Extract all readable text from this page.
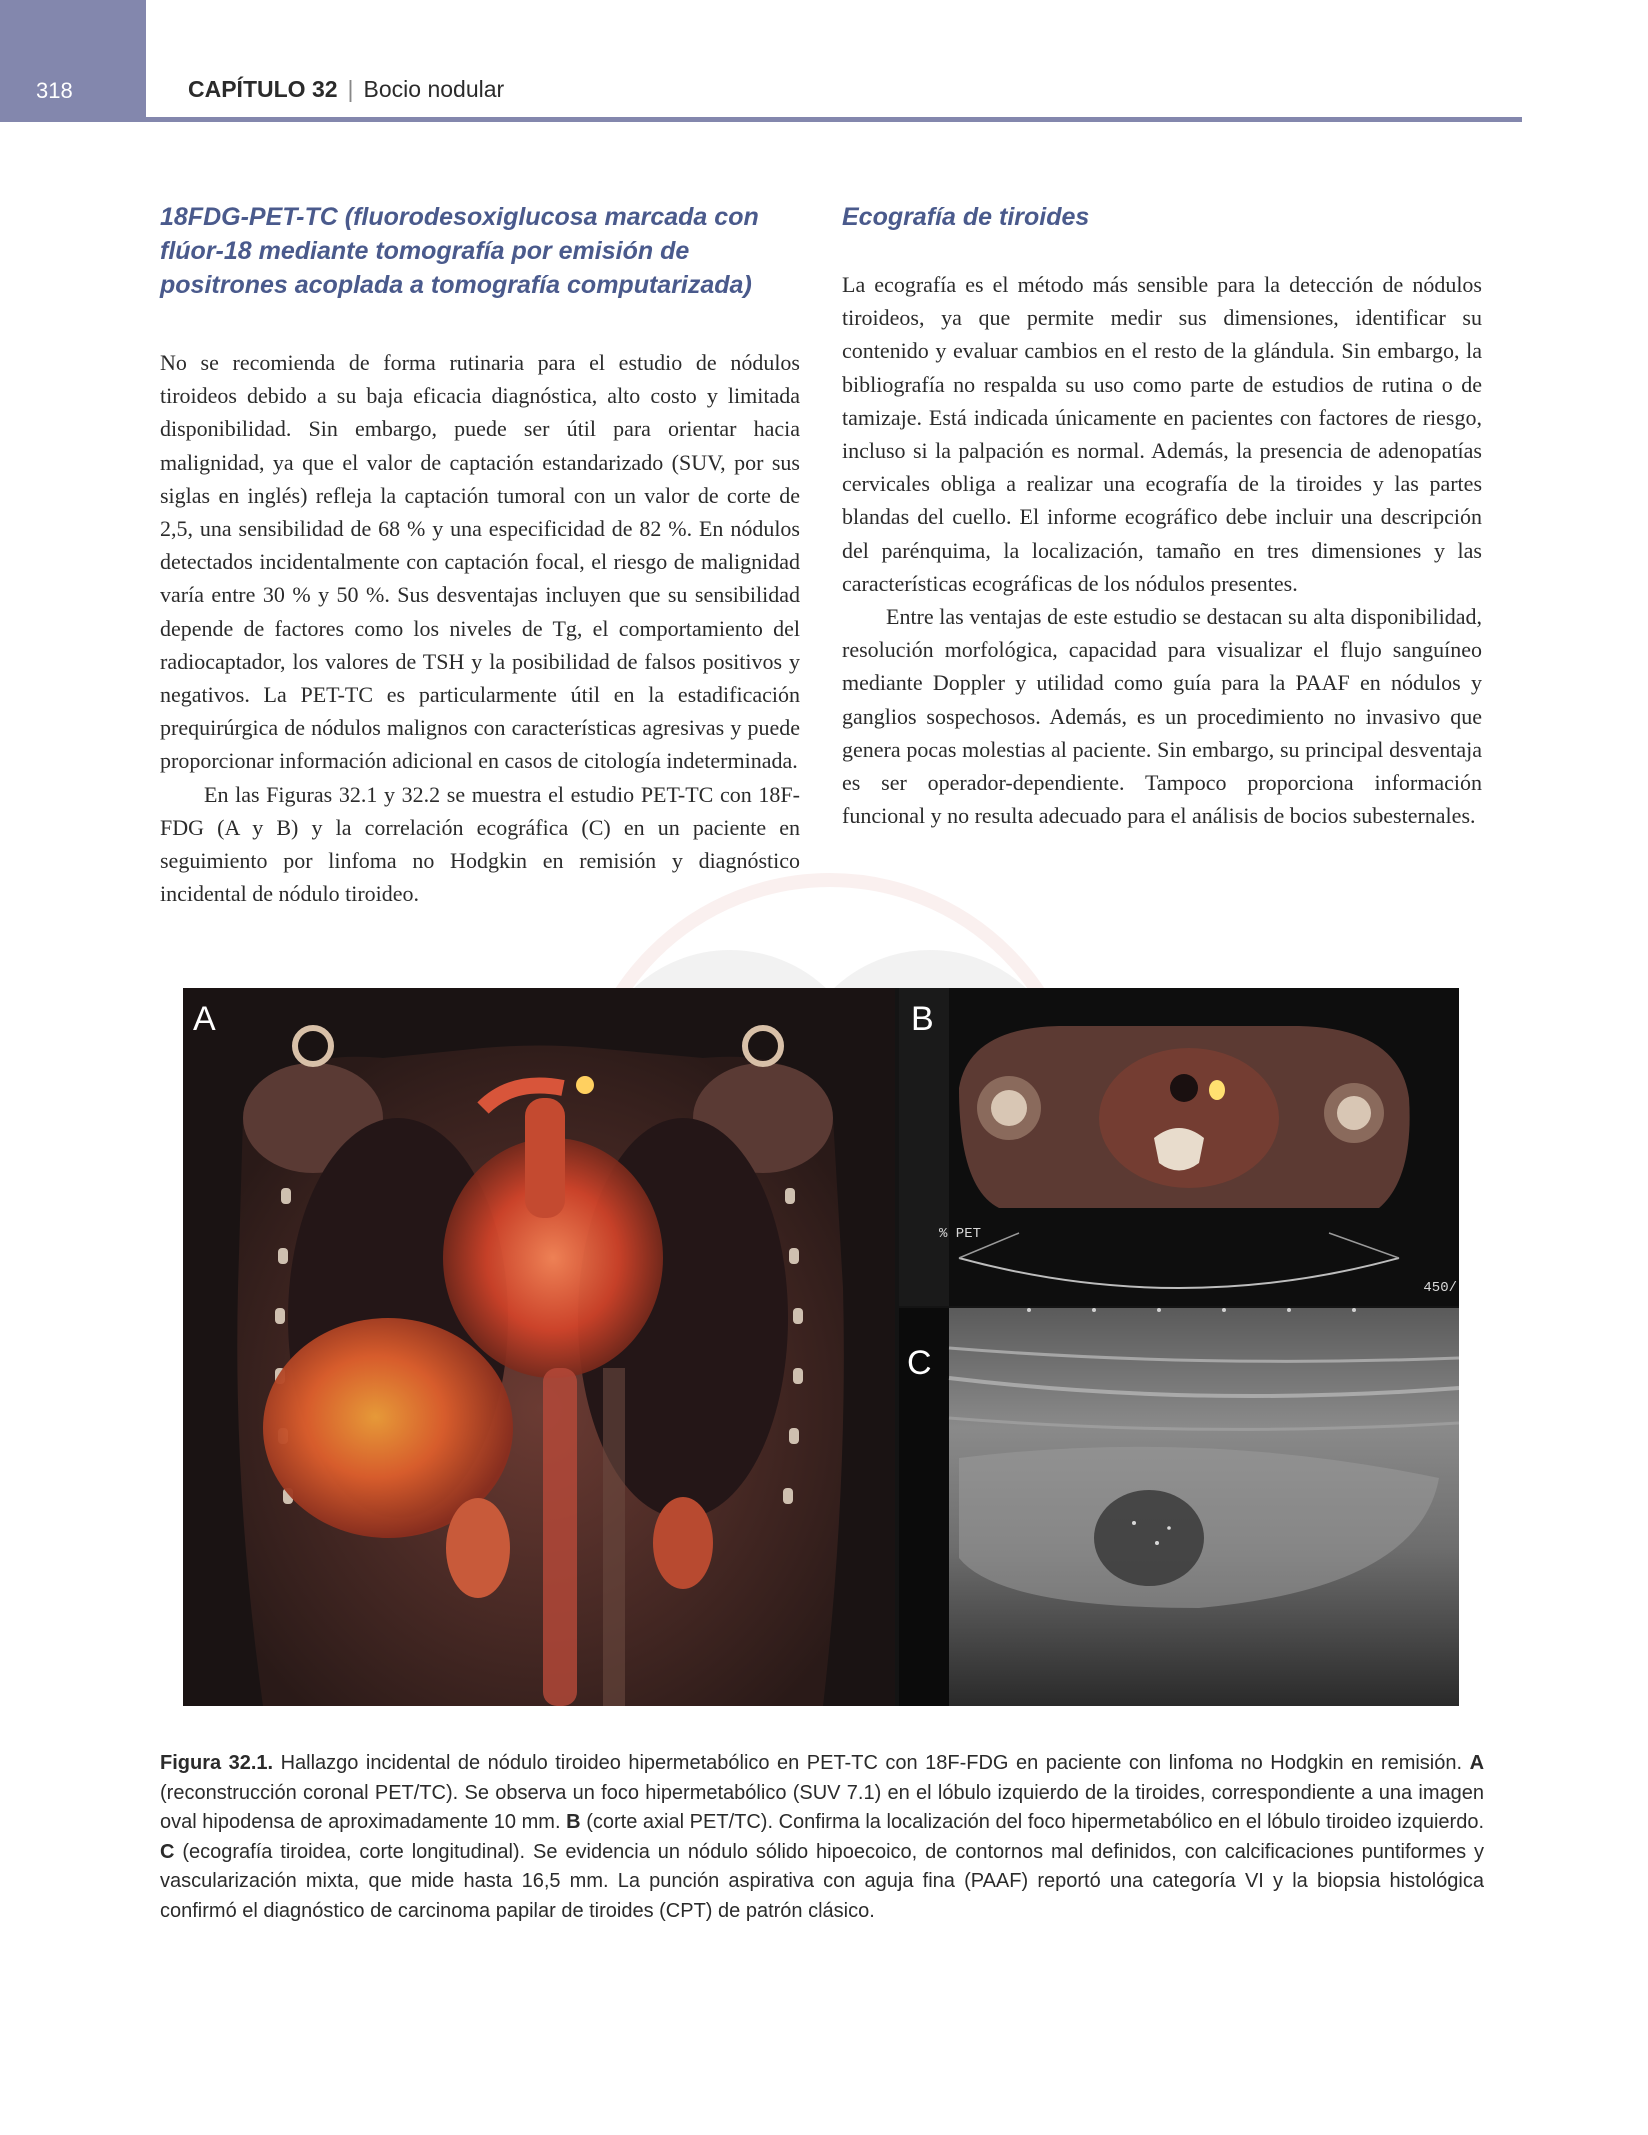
318	CAPÍTULO 32 | Bocio nodular
18FDG-PET-TC (fluorodesoxiglucosa marcada con flúor-18 mediante tomografía por emisión de positrones acoplada a tomografía computarizada)

No se recomienda de forma rutinaria para el estudio de nódulos tiroideos debido a su baja eficacia diagnóstica, alto costo y limitada disponibilidad. Sin embargo, puede ser útil para orientar hacia malignidad, ya que el valor de captación estandarizado (SUV, por sus siglas en inglés) refleja la captación tumoral con un valor de corte de 2,5, una sensibilidad de 68 % y una especificidad de 82 %. En nódulos detectados incidentalmente con captación focal, el riesgo de malignidad varía entre 30 % y 50 %. Sus desventajas incluyen que su sensibilidad depende de factores como los niveles de Tg, el comportamiento del radiocaptador, los valores de TSH y la posibilidad de falsos positivos y negativos. La PET-TC es particularmente útil en la estadificación prequirúrgica de nódulos malignos con características agresivas y puede proporcionar información adicional en casos de citología indeterminada.

En las Figuras 32.1 y 32.2 se muestra el estudio PET-TC con 18F-FDG (A y B) y la correlación ecográfica (C) en un paciente en seguimiento por linfoma no Hodgkin en remisión y diagnóstico incidental de nódulo tiroideo.

Ecografía de tiroides

La ecografía es el método más sensible para la detección de nódulos tiroideos, ya que permite medir sus dimensiones, identificar su contenido y evaluar cambios en el resto de la glándula. Sin embargo, la bibliografía no respalda su uso como parte de estudios de rutina o de tamizaje. Está indicada únicamente en pacientes con factores de riesgo, incluso si la palpación es normal. Además, la presencia de adenopatías cervicales obliga a realizar una ecografía de la tiroides y las partes blandas del cuello. El informe ecográfico debe incluir una descripción del parénquima, la localización, tamaño en tres dimensiones y las características ecográficas de los nódulos presentes.

Entre las ventajas de este estudio se destacan su alta disponibilidad, resolución morfológica, capacidad para visualizar el flujo sanguíneo mediante Doppler y utilidad como guía para la PAAF en nódulos y ganglios sospechosos. Además, es un procedimiento no invasivo que genera pocas molestias al paciente. Sin embargo, su principal desventaja es ser operador-dependiente. Tampoco proporciona información funcional y no resulta adecuado para el análisis de bocios subesternales.

A	B
% PET
450/
C

Figura 32.1. Hallazgo incidental de nódulo tiroideo hipermetabólico en PET-TC con 18F-FDG en paciente con linfoma no Hodgkin en remisión. A (reconstrucción coronal PET/TC). Se observa un foco hipermetabólico (SUV 7.1) en el lóbulo izquierdo de la tiroides, correspondiente a una imagen oval hipodensa de aproximadamente 10 mm. B (corte axial PET/TC). Confirma la localización del foco hipermetabólico en el lóbulo tiroideo izquierdo. C (ecografía tiroidea, corte longitudinal). Se evidencia un nódulo sólido hipoecoico, de contornos mal definidos, con calcificaciones puntiformes y vascularización mixta, que mide hasta 16,5 mm. La punción aspirativa con aguja fina (PAAF) reportó una categoría VI y la biopsia histológica confirmó el diagnóstico de carcinoma papilar de tiroides (CPT) de patrón clásico.
